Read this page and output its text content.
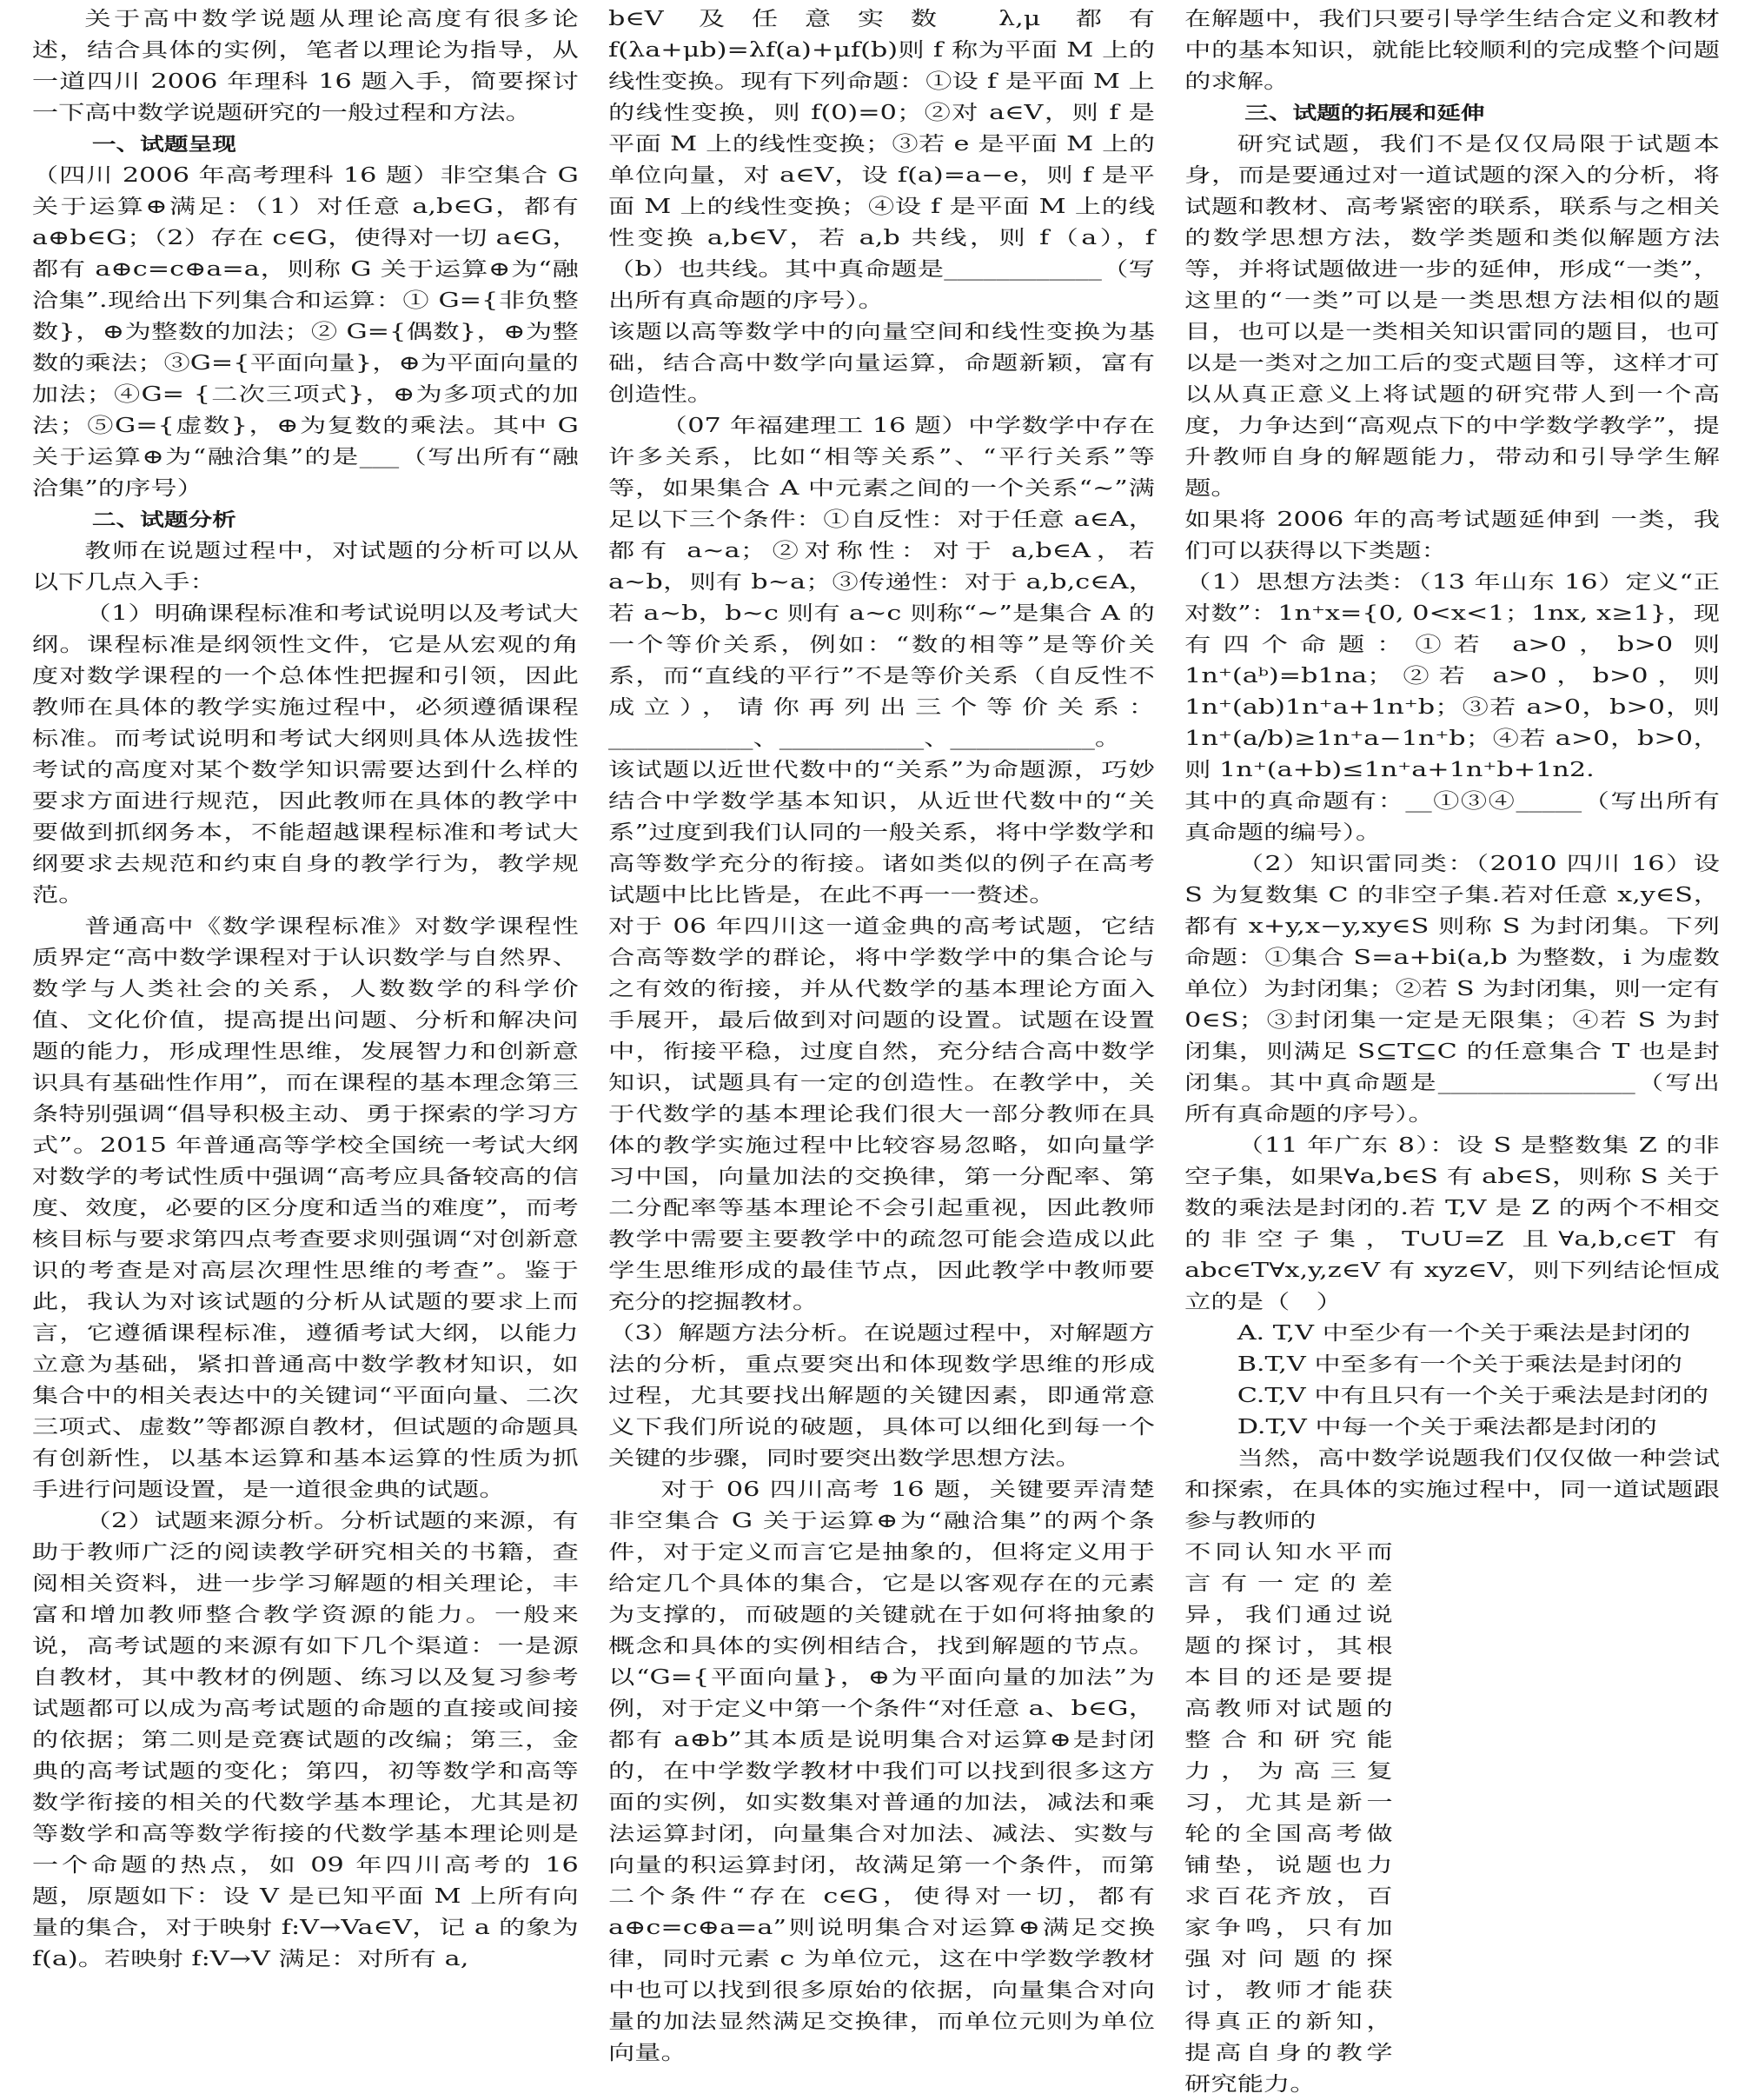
关于高中数学说题从理论高度有很多论述，结合具体的实例，笔者以理论为指导，从一道四川 2006 年理科 16 题入手，简要探讨一下高中数学说题研究的一般过程和方法。

一、试题呈现

（四川 2006 年高考理科 16 题）非空集合 G 关于运算⊕满足：（1）对任意 a,b∈G，都有 a⊕b∈G；（2）存在 c∈G，使得对一切 a∈G，都有 a⊕c=c⊕a=a，则称 G 关于运算⊕为“融洽集”.现给出下列集合和运算：① G={非负整数}，⊕为整数的加法；② G={偶数}，⊕为整数的乘法；③G={平面向量}，⊕为平面向量的加法；④G= {二次三项式}，⊕为多项式的加法；⑤G={虚数}，⊕为复数的乘法。其中 G 关于运算⊕为“融洽集”的是___（写出所有“融洽集”的序号）

二、试题分析

教师在说题过程中，对试题的分析可以从以下几点入手：

（1）明确课程标准和考试说明以及考试大纲。课程标准是纲领性文件，它是从宏观的角度对数学课程的一个总体性把握和引领，因此教师在具体的教学实施过程中，必须遵循课程标准。而考试说明和考试大纲则具体从选拔性考试的高度对某个数学知识需要达到什么样的要求方面进行规范，因此教师在具体的教学中要做到抓纲务本，不能超越课程标准和考试大纲要求去规范和约束自身的教学行为，教学规范。

普通高中《数学课程标准》对数学课程性质界定“高中数学课程对于认识数学与自然界、数学与人类社会的关系，人数数学的科学价值、文化价值，提高提出问题、分析和解决问题的能力，形成理性思维，发展智力和创新意识具有基础性作用”，而在课程的基本理念第三条特别强调“倡导积极主动、勇于探索的学习方式”。2015 年普通高等学校全国统一考试大纲对数学的考试性质中强调“高考应具备较高的信度、效度，必要的区分度和适当的难度”，而考核目标与要求第四点考查要求则强调“对创新意识的考查是对高层次理性思维的考查”。鉴于此，我认为对该试题的分析从试题的要求上而言，它遵循课程标准，遵循考试大纲，以能力立意为基础，紧扣普通高中数学教材知识，如集合中的相关表达中的关键词“平面向量、二次三项式、虚数”等都源自教材，但试题的命题具有创新性，以基本运算和基本运算的性质为抓手进行问题设置，是一道很金典的试题。

（2）试题来源分析。分析试题的来源，有助于教师广泛的阅读教学研究相关的书籍，查阅相关资料，进一步学习解题的相关理论，丰富和增加教师整合教学资源的能力。一般来说，高考试题的来源有如下几个渠道：一是源自教材，其中教材的例题、练习以及复习参考试题都可以成为高考试题的命题的直接或间接的依据；第二则是竞赛试题的改编；第三，金典的高考试题的变化；第四，初等数学和高等数学衔接的相关的代数学基本理论，尤其是初等数学和高等数学衔接的代数学基本理论则是一个命题的热点，如 09 年四川高考的 16 题，原题如下：设 V 是已知平面 M 上所有向量的集合，对于映射 f:V→Va∈V，记 a 的象为 f(a)。若映射 f:V→V 满足：对所有 a,

b∈V 及任意实数 λ,μ 都有 f(λa+μb)=λf(a)+μf(b)则 f 称为平面 M 上的线性变换。现有下列命题：①设 f 是平面 M 上的线性变换，则 f(0)=0；②对 a∈V，则 f 是平面 M 上的线性变换；③若 e 是平面 M 上的单位向量，对 a∈V，设 f(a)=a−e，则 f 是平面 M 上的线性变换；④设 f 是平面 M 上的线性变换 a,b∈V，若 a,b 共线，则 f（a），f（b）也共线。其中真命题是____________（写出所有真命题的序号）。

该题以高等数学中的向量空间和线性变换为基础，结合高中数学向量运算，命题新颖，富有创造性。

（07 年福建理工 16 题）中学数学中存在许多关系，比如“相等关系”、“平行关系”等等，如果集合 A 中元素之间的一个关系“~”满足以下三个条件：①自反性：对于任意 a∈A，都有 a~a；②对称性：对于 a,b∈A，若 a~b，则有 b~a；③传递性：对于 a,b,c∈A，若 a~b，b~c 则有 a~c 则称“~”是集合 A 的一个等价关系，例如：“数的相等”是等价关系，而“直线的平行”不是等价关系（自反性不成立），请你再列出三个等价关系：___________、___________、___________。

该试题以近世代数中的“关系”为命题源，巧妙结合中学数学基本知识，从近世代数中的“关系”过度到我们认同的一般关系，将中学数学和高等数学充分的衔接。诸如类似的例子在高考试题中比比皆是，在此不再一一赘述。

对于 06 年四川这一道金典的高考试题，它结合高等数学的群论，将中学数学中的集合论与之有效的衔接，并从代数学的基本理论方面入手展开，最后做到对问题的设置。试题在设置中，衔接平稳，过度自然，充分结合高中数学知识，试题具有一定的创造性。在教学中，关于代数学的基本理论我们很大一部分教师在具体的教学实施过程中比较容易忽略，如向量学习中国，向量加法的交换律，第一分配率、第二分配率等基本理论不会引起重视，因此教师教学中需要主要教学中的疏忽可能会造成以此学生思维形成的最佳节点，因此教学中教师要充分的挖掘教材。

（3）解题方法分析。在说题过程中，对解题方法的分析，重点要突出和体现数学思维的形成过程，尤其要找出解题的关键因素，即通常意义下我们所说的破题，具体可以细化到每一个关键的步骤，同时要突出数学思想方法。

对于 06 四川高考 16 题，关键要弄清楚非空集合 G 关于运算⊕为“融洽集”的两个条件，对于定义而言它是抽象的，但将定义用于给定几个具体的集合，它是以客观存在的元素为支撑的，而破题的关键就在于如何将抽象的概念和具体的实例相结合，找到解题的节点。以“G={平面向量}，⊕为平面向量的加法”为例，对于定义中第一个条件“对任意 a、b∈G，都有 a⊕b”其本质是说明集合对运算⊕是封闭的，在中学数学教材中我们可以找到很多这方面的实例，如实数集对普通的加法，减法和乘法运算封闭，向量集合对加法、减法、实数与向量的积运算封闭，故满足第一个条件，而第二个条件“存在 c∈G，使得对一切，都有 a⊕c=c⊕a=a”则说明集合对运算⊕满足交换律，同时元素 c 为单位元，这在中学数学教材中也可以找到很多原始的依据，向量集合对向量的加法显然满足交换律，而单位元则为单位向量。

在解题中，我们只要引导学生结合定义和教材中的基本知识，就能比较顺利的完成整个问题的求解。

三、试题的拓展和延伸

研究试题，我们不是仅仅局限于试题本身，而是要通过对一道试题的深入的分析，将试题和教材、高考紧密的联系，联系与之相关的数学思想方法，数学类题和类似解题方法等，并将试题做进一步的延伸，形成“一类”，这里的“一类”可以是一类思想方法相似的题目，也可以是一类相关知识雷同的题目，也可以是一类对之加工后的变式题目等，这样才可以从真正意义上将试题的研究带人到一个高度，力争达到“高观点下的中学数学教学”，提升教师自身的解题能力，带动和引导学生解题。

如果将 2006 年的高考试题延伸到 一类，我们可以获得以下类题：

（1）思想方法类：（13 年山东 16）定义“正对数”：1n⁺x={0, 0<x<1；1nx, x≥1}，现有四个命题：①若 a>0，b>0 则 1n⁺(aᵇ)=b1na；②若 a>0，b>0，则 1n⁺(ab)1n⁺a+1n⁺b；③若 a>0，b>0，则 1n⁺(a/b)≥1n⁺a−1n⁺b；④若 a>0，b>0，则 1n⁺(a+b)≤1n⁺a+1n⁺b+1n2.

其中的真命题有：__①③④_____（写出所有真命题的编号）。

（2）知识雷同类：（2010 四川 16）设 S 为复数集 C 的非空子集.若对任意 x,y∈S，都有 x+y,x−y,xy∈S 则称 S 为封闭集。下列命题：①集合 S=a+bi(a,b 为整数，i 为虚数单位）为封闭集；②若 S 为封闭集，则一定有 0∈S；③封闭集一定是无限集；④若 S 为封闭集，则满足 S⊆T⊆C 的任意集合 T 也是封闭集。其中真命题是_______________（写出所有真命题的序号）。

（11 年广东 8）：设 S 是整数集 Z 的非空子集，如果∀a,b∈S 有 ab∈S，则称 S 关于数的乘法是封闭的.若 T,V 是 Z 的两个不相交的非空子集，T∪U=Z 且∀a,b,c∈T 有 abc∈T∀x,y,z∈V 有 xyz∈V，则下列结论恒成立的是（　）

A. T,V 中至少有一个关于乘法是封闭的

B.T,V 中至多有一个关于乘法是封闭的

C.T,V 中有且只有一个关于乘法是封闭的

D.T,V 中每一个关于乘法都是封闭的

当然，高中数学说题我们仅仅做一种尝试和探索，在具体的实施过程中，同一道试题跟参与教师的

不同认知水平而言有一定的差异，我们通过说题的探讨，其根本目的还是要提高教师对试题的整合和研究能力，为高三复习，尤其是新一轮的全国高考做铺垫，说题也力求百花齐放，百家争鸣，只有加强对问题的探讨，教师才能获得真正的新知，提高自身的教学研究能力。
